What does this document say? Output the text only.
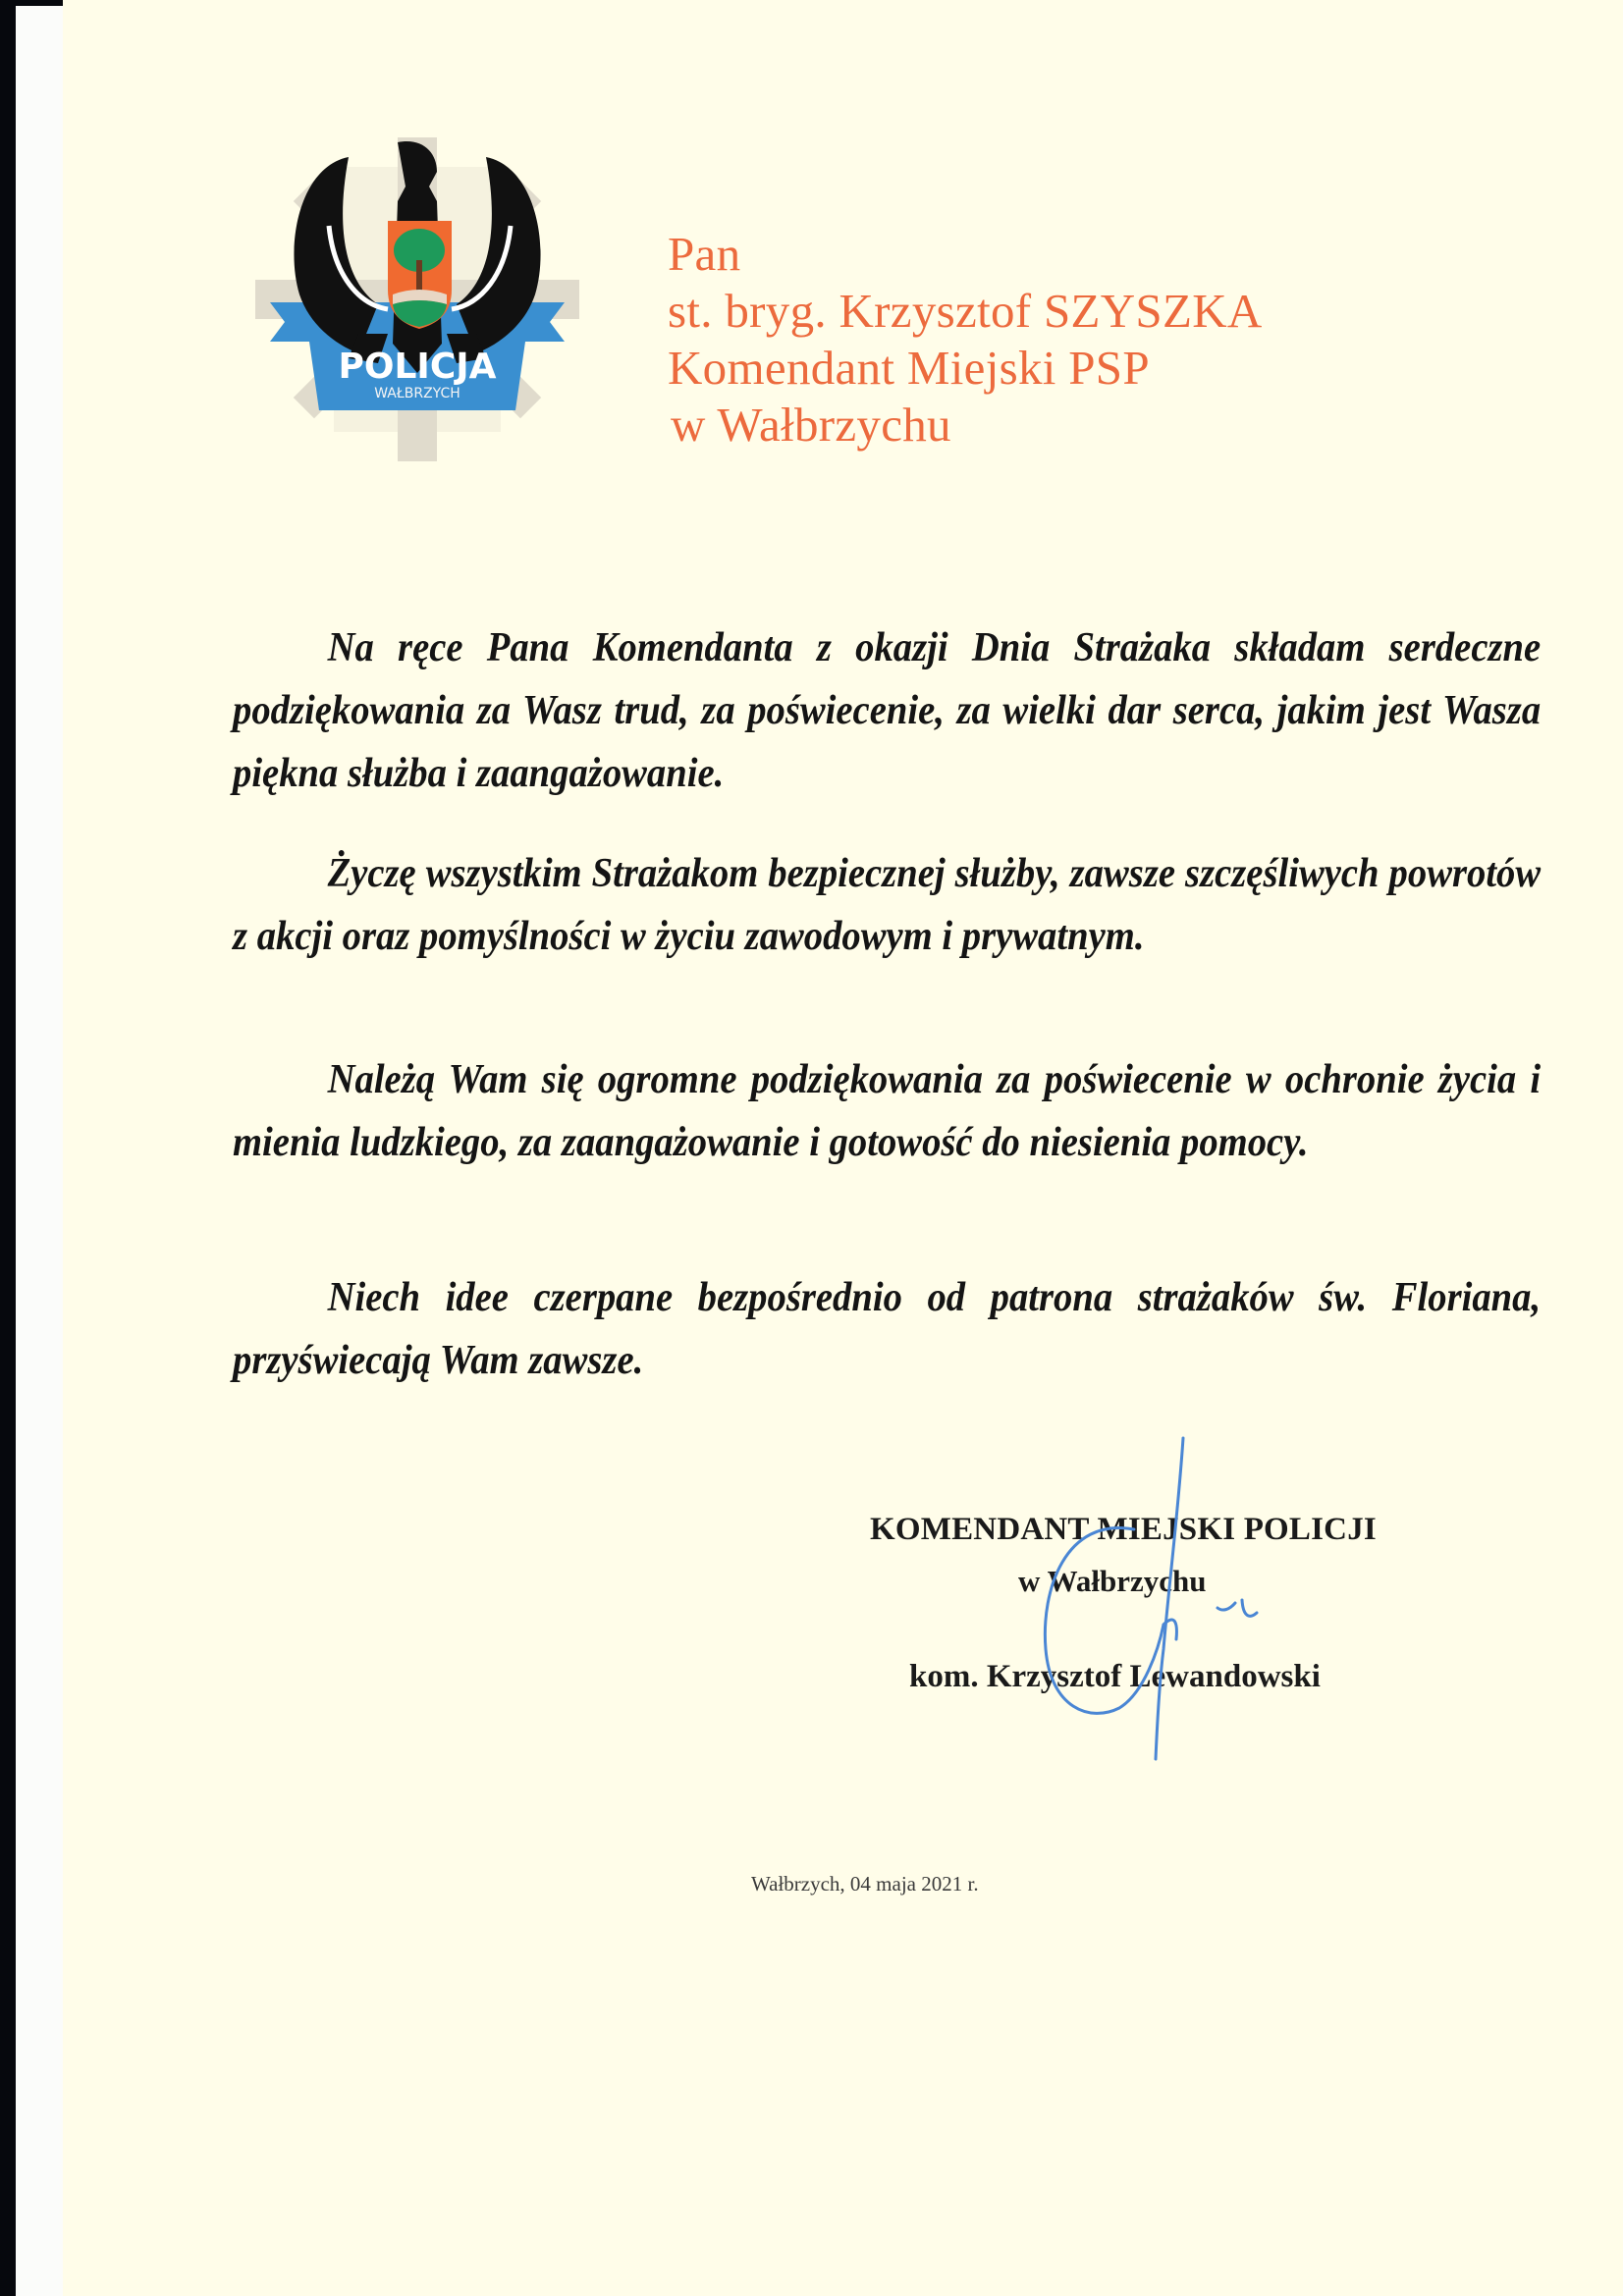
POLICJA
WAŁBRZYCH
Pan
st. bryg. Krzysztof SZYSZKA
Komendant Miejski PSP
w Wałbrzychu

Na ręce Pana Komendanta z okazji Dnia Strażaka składam serdeczne podziękowania za Wasz trud, za poświecenie, za wielki dar serca, jakim jest Wasza piękna służba i zaangażowanie.

Życzę wszystkim Strażakom bezpiecznej służby, zawsze szczęśliwych powrotów z akcji oraz pomyślności w życiu zawodowym i prywatnym.

Należą Wam się ogromne podziękowania za poświecenie w ochronie życia i mienia ludzkiego, za zaangażowanie i gotowość do niesienia pomocy.

Niech idee czerpane bezpośrednio od patrona strażaków św. Floriana, przyświecają Wam zawsze.

KOMENDANT MIEJSKI POLICJI
w Wałbrzychu
kom. Krzysztof Lewandowski
Wałbrzych, 04 maja 2021 r.
